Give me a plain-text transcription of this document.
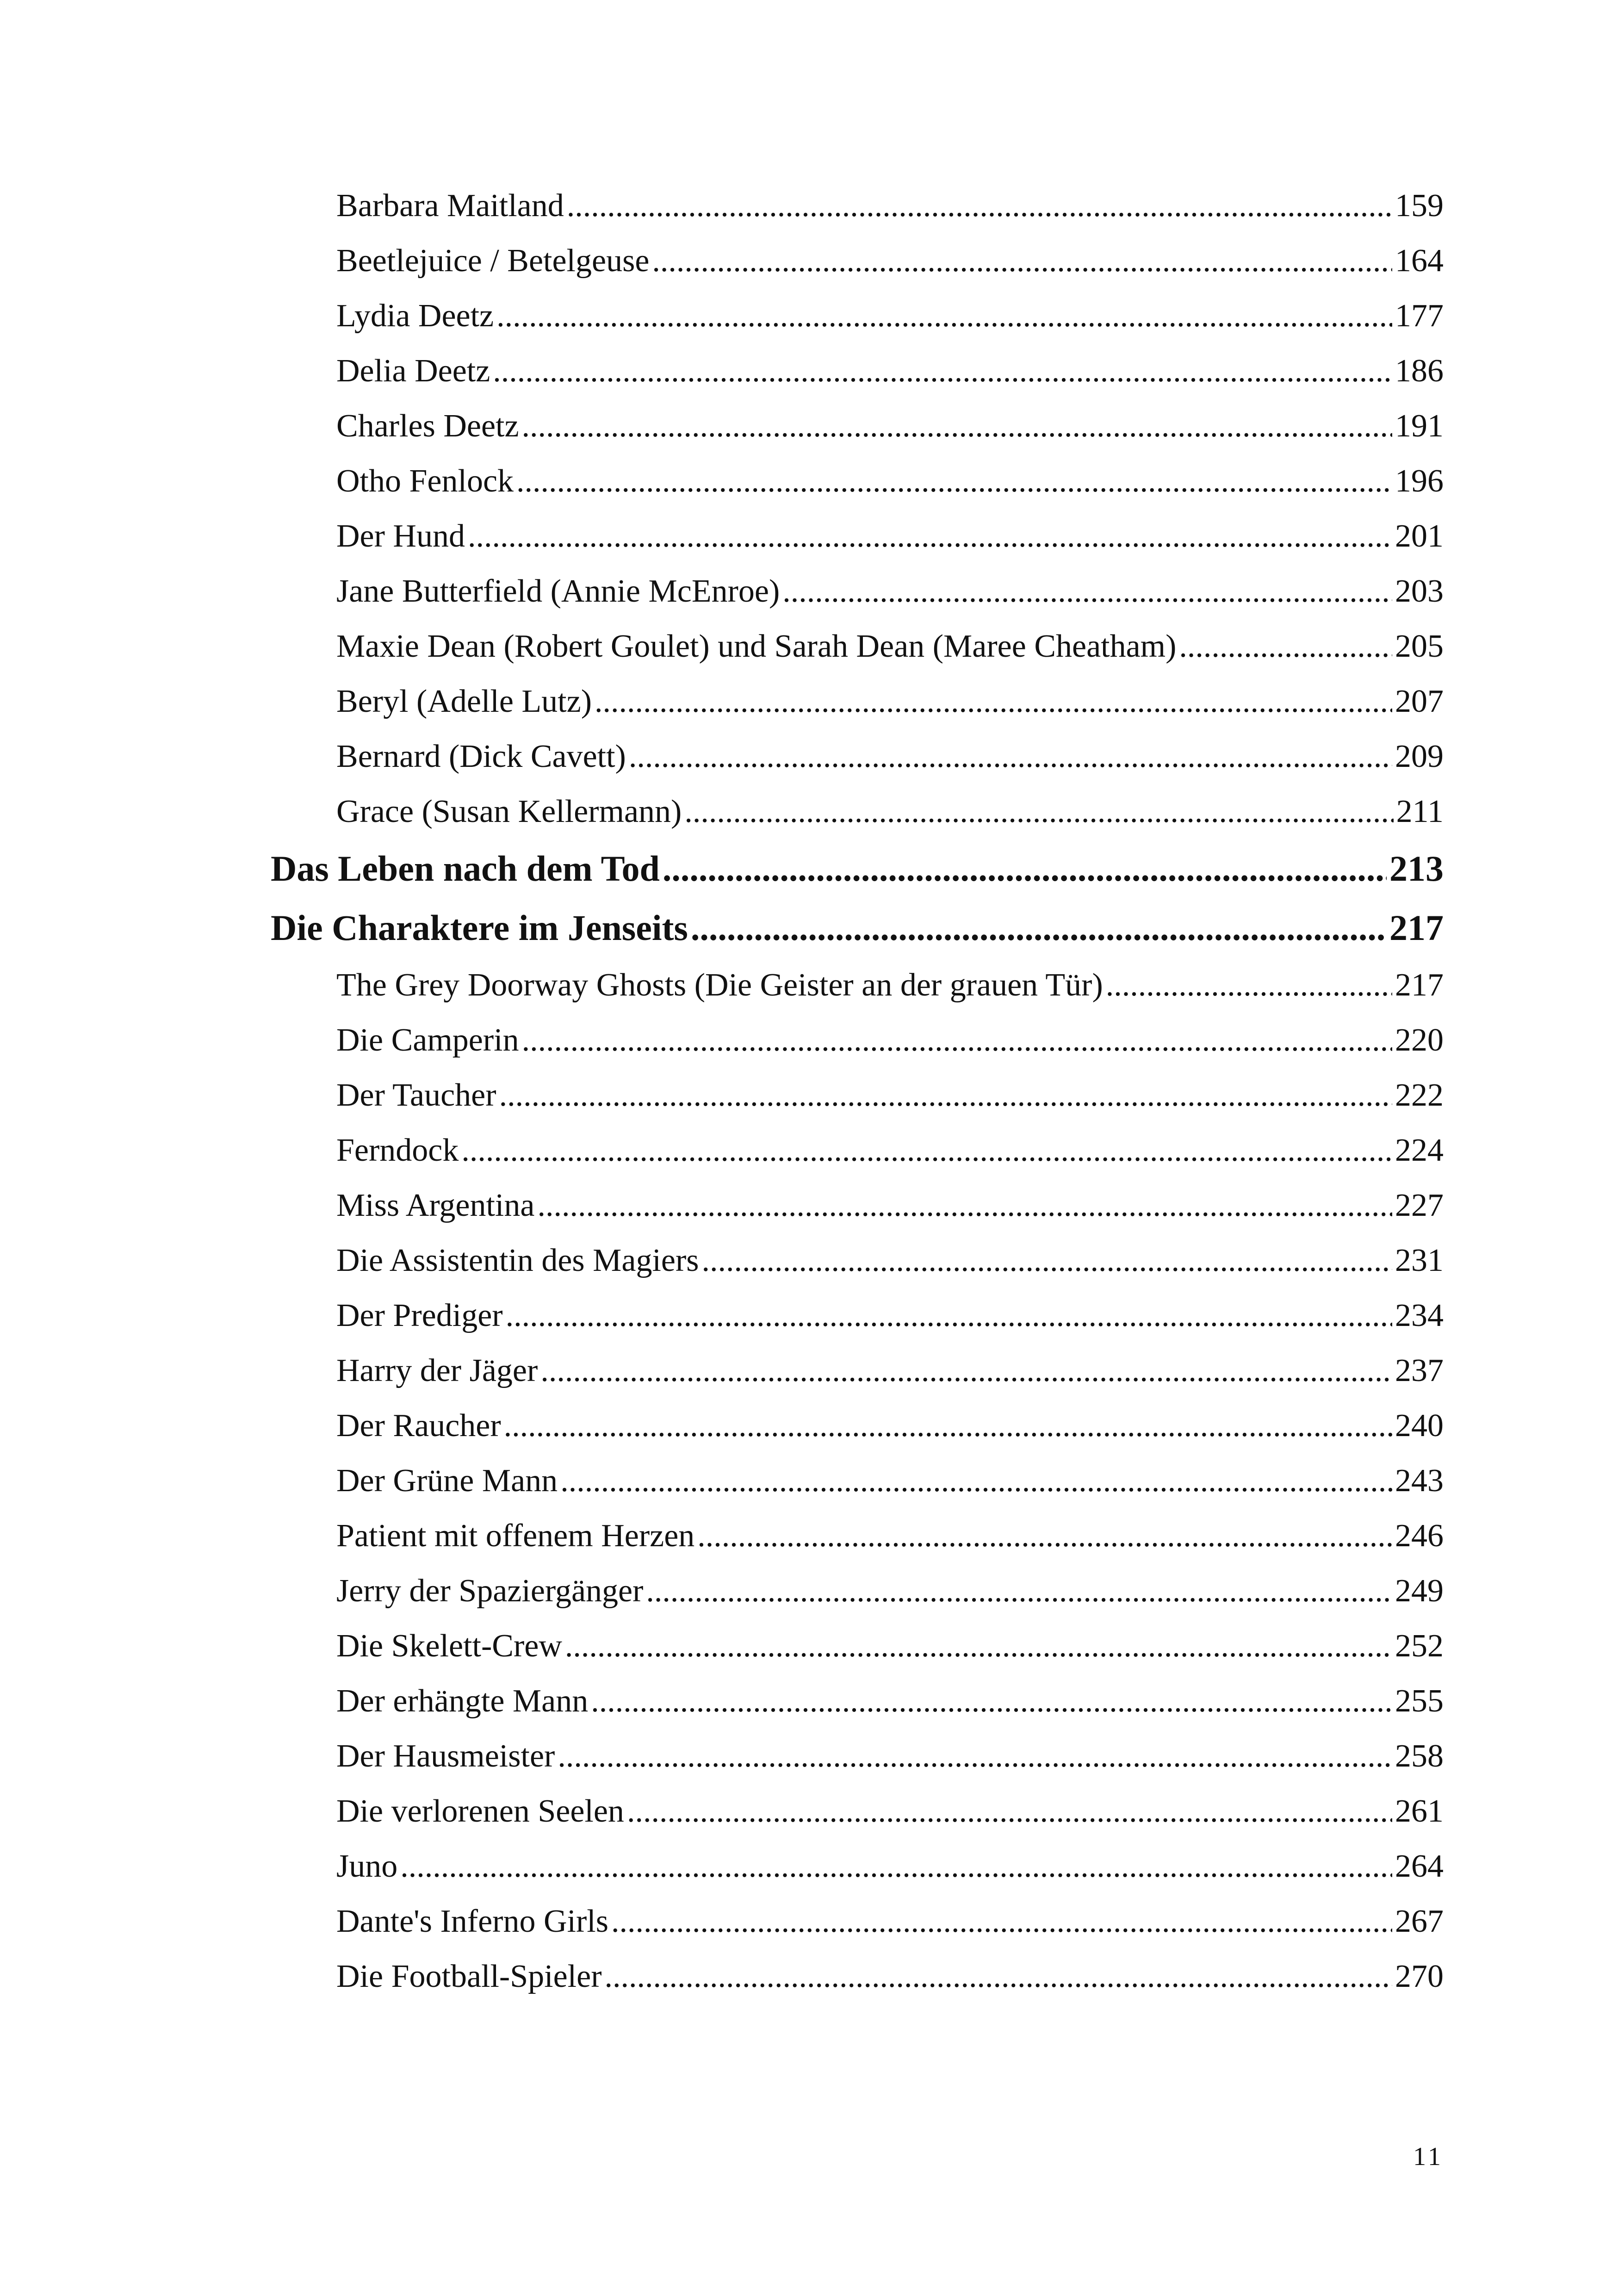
Barbara Maitland .....	159
Beetlejuice / Betelgeuse .....	164
Lydia Deetz .....	177
Delia Deetz .....	186
Charles Deetz .....	191
Otho Fenlock .....	196
Der Hund .....	201
Jane Butterfield (Annie McEnroe) .....	203
Maxie Dean (Robert Goulet) und Sarah Dean (Maree Cheatham) .....	205
Beryl (Adelle Lutz) .....	207
Bernard (Dick Cavett) .....	209
Grace (Susan Kellermann) .....	211
Das Leben nach dem Tod .....	213
Die Charaktere im Jenseits .....	217
The Grey Doorway Ghosts (Die Geister an der grauen Tür) .....	217
Die Camperin .....	220
Der Taucher .....	222
Ferndock .....	224
Miss Argentina .....	227
Die Assistentin des Magiers .....	231
Der Prediger .....	234
Harry der Jäger .....	237
Der Raucher .....	240
Der Grüne Mann .....	243
Patient mit offenem Herzen .....	246
Jerry der Spaziergänger .....	249
Die Skelett-Crew .....	252
Der erhängte Mann .....	255
Der Hausmeister .....	258
Die verlorenen Seelen .....	261
Juno .....	264
Dante's Inferno Girls .....	267
Die Football-Spieler .....	270
11
